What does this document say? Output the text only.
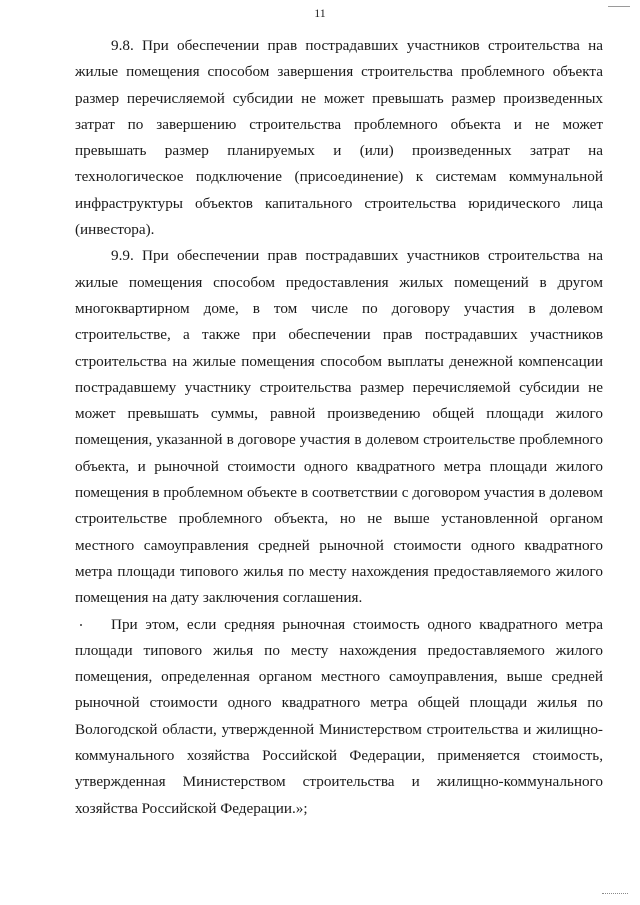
11

9.8. При обеспечении прав пострадавших участников строительства на жилые помещения способом завершения строительства проблемного объекта размер перечисляемой субсидии не может превышать размер произведенных затрат по завершению строительства проблемного объекта и не может превышать размер планируемых и (или) произведенных затрат на технологическое подключение (присоединение) к системам коммунальной инфраструктуры объектов капитального строительства юридического лица (инвестора).

9.9. При обеспечении прав пострадавших участников строительства на жилые помещения способом предоставления жилых помещений в другом многоквартирном доме, в том числе по договору участия в долевом строительстве, а также при обеспечении прав пострадавших участников строительства на жилые помещения способом выплаты денежной компенсации пострадавшему участнику строительства размер перечисляемой субсидии не может превышать суммы, равной произведению общей площади жилого помещения, указанной в договоре участия в долевом строительстве проблемного объекта, и рыночной стоимости одного квадратного метра площади жилого помещения в проблемном объекте в соответствии с договором участия в долевом строительстве проблемного объекта, но не выше установленной органом местного самоуправления средней рыночной стоимости одного квадратного метра площади типового жилья по месту нахождения предоставляемого жилого помещения на дату заключения соглашения.

При этом, если средняя рыночная стоимость одного квадратного метра площади типового жилья по месту нахождения предоставляемого жилого помещения, определенная органом местного самоуправления, выше средней рыночной стоимости одного квадратного метра общей площади жилья по Вологодской области, утвержденной Министерством строительства и жилищно-коммунального хозяйства Российской Федерации, применяется стоимость, утвержденная Министерством строительства и жилищно-коммунального хозяйства Российской Федерации.»;
